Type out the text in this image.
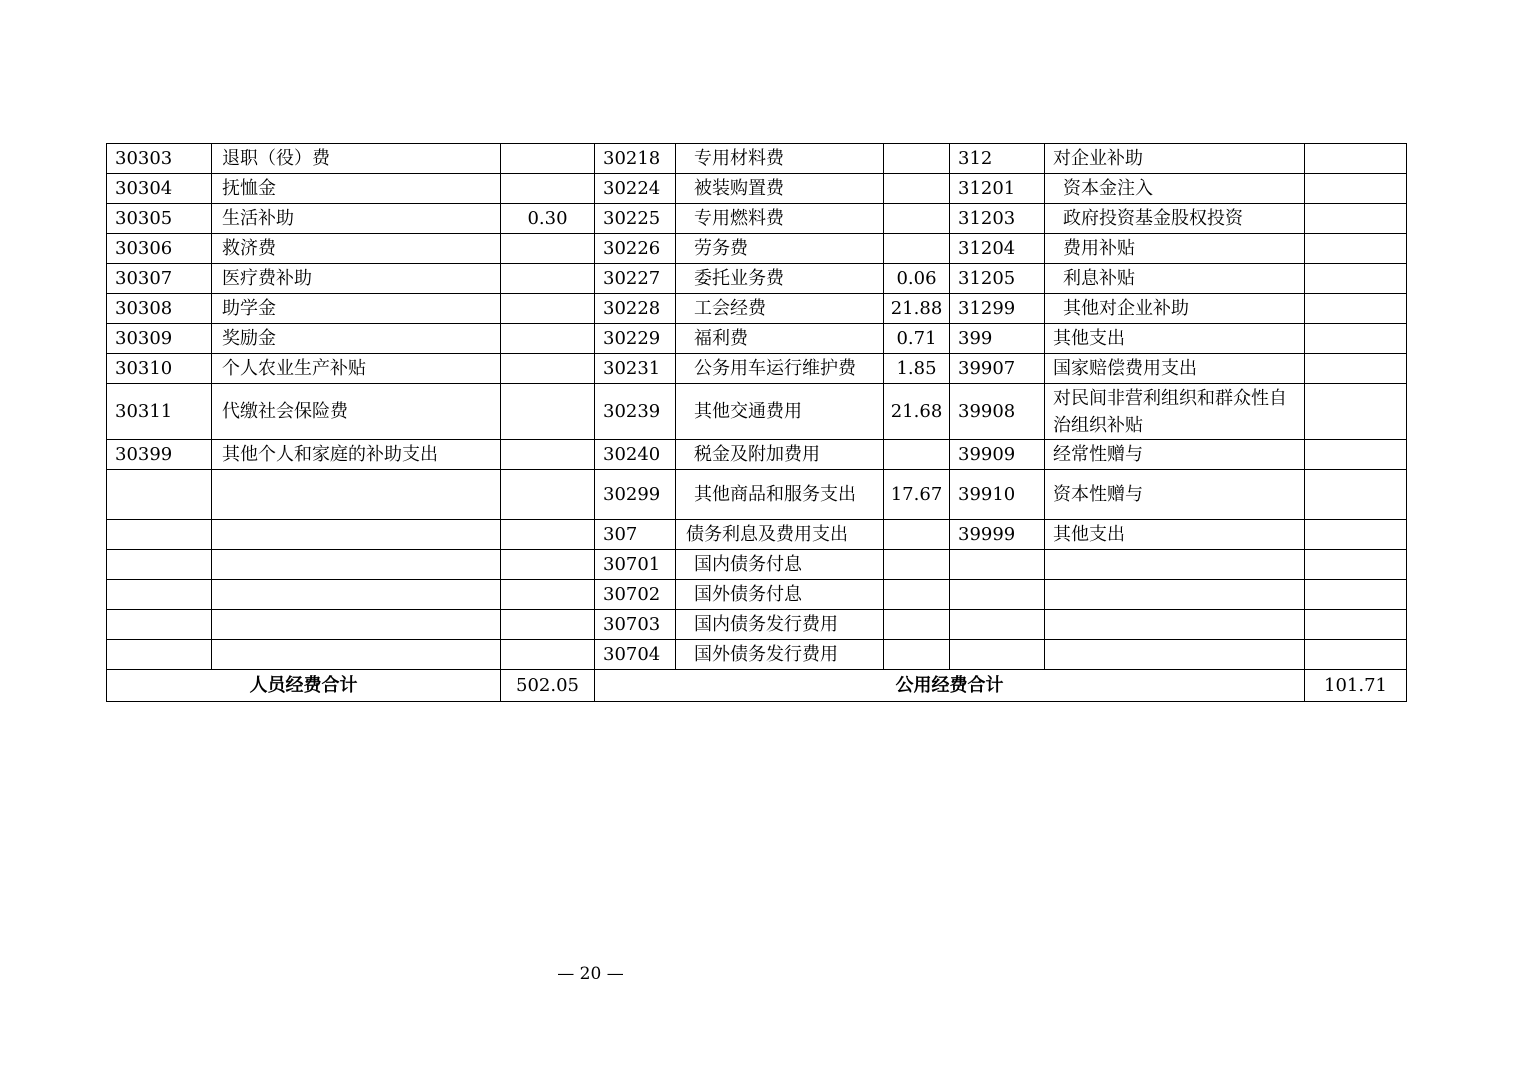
30303	退职（役）费		30218	专用材料费		312	对企业补助	
30304	抚恤金		30224	被装购置费		31201	资本金注入	
30305	生活补助	0.30	30225	专用燃料费		31203	政府投资基金股权投资	
30306	救济费		30226	劳务费		31204	费用补贴	
30307	医疗费补助		30227	委托业务费	0.06	31205	利息补贴	
30308	助学金		30228	工会经费	21.88	31299	其他对企业补助	
30309	奖励金		30229	福利费	0.71	399	其他支出	
30310	个人农业生产补贴		30231	公务用车运行维护费	1.85	39907	国家赔偿费用支出	
30311	代缴社会保险费		30239	其他交通费用	21.68	39908	对民间非营利组织和群众性自治组织补贴	
30399	其他个人和家庭的补助支出		30240	税金及附加费用		39909	经常性赠与	
			30299	其他商品和服务支出	17.67	39910	资本性赠与	
			307	债务利息及费用支出		39999	其他支出	
			30701	国内债务付息				
			30702	国外债务付息				
			30703	国内债务发行费用				
			30704	国外债务发行费用				
人员经费合计		502.05	公用经费合计					101.71
— 20 —
